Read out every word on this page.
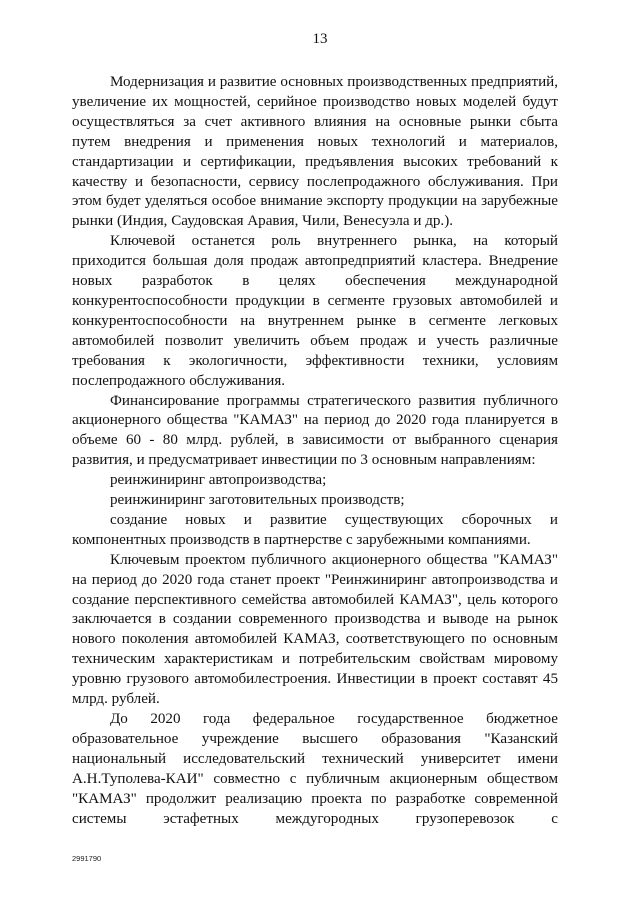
13

Модернизация и развитие основных производственных предприятий, увеличение их мощностей, серийное производство новых моделей будут осуществляться за счет активного влияния на основные рынки сбыта путем внедрения и применения новых технологий и материалов, стандартизации и сертификации, предъявления высоких требований к качеству и безопасности, сервису послепродажного обслуживания. При этом будет уделяться особое внимание экспорту продукции на зарубежные рынки (Индия, Саудовская Аравия, Чили, Венесуэла и др.).

Ключевой останется роль внутреннего рынка, на который приходится большая доля продаж автопредприятий кластера. Внедрение новых разработок в целях обеспечения международной конкурентоспособности продукции в сегменте грузовых автомобилей и конкурентоспособности на внутреннем рынке в сегменте легковых автомобилей позволит увеличить объем продаж и учесть различные требования к экологичности, эффективности техники, условиям послепродажного обслуживания.

Финансирование программы стратегического развития публичного акционерного общества "КАМАЗ" на период до 2020 года планируется в объеме 60 - 80 млрд. рублей, в зависимости от выбранного сценария развития, и предусматривает инвестиции по 3 основным направлениям:

реинжиниринг автопроизводства;

реинжиниринг заготовительных производств;

создание новых и развитие существующих сборочных и компонентных производств в партнерстве с зарубежными компаниями.

Ключевым проектом публичного акционерного общества "КАМАЗ" на период до 2020 года станет проект "Реинжиниринг автопроизводства и создание перспективного семейства автомобилей КАМАЗ", цель которого заключается в создании современного производства и выводе на рынок нового поколения автомобилей КАМАЗ, соответствующего по основным техническим характеристикам и потребительским свойствам мировому уровню грузового автомобилестроения. Инвестиции в проект составят 45 млрд. рублей.

До 2020 года федеральное государственное бюджетное образовательное учреждение высшего образования "Казанский национальный исследовательский технический университет имени А.Н.Туполева-КАИ" совместно с публичным акционерным обществом "КАМАЗ" продолжит реализацию проекта по разработке современной системы эстафетных междугородных грузоперевозок с

2991790
